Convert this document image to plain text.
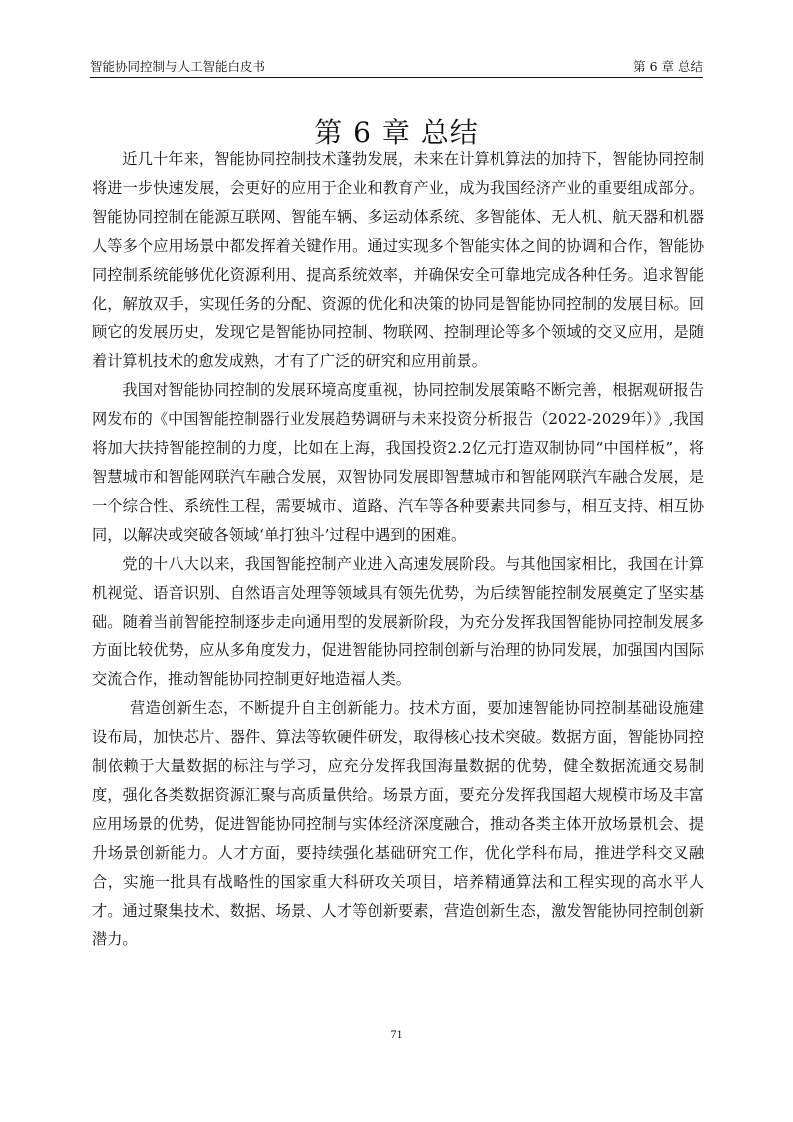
智能协同控制与人工智能白皮书	第 6 章 总结
第 6 章 总结

近几十年来，智能协同控制技术蓬勃发展，未来在计算机算法的加持下，智能协同控制将进一步快速发展，会更好的应用于企业和教育产业，成为我国经济产业的重要组成部分。智能协同控制在能源互联网、智能车辆、多运动体系统、多智能体、无人机、航天器和机器人等多个应用场景中都发挥着关键作用。通过实现多个智能实体之间的协调和合作，智能协同控制系统能够优化资源利用、提高系统效率，并确保安全可靠地完成各种任务。追求智能化，解放双手，实现任务的分配、资源的优化和决策的协同是智能协同控制的发展目标。回顾它的发展历史，发现它是智能协同控制、物联网、控制理论等多个领域的交叉应用，是随着计算机技术的愈发成熟，才有了广泛的研究和应用前景。

我国对智能协同控制的发展环境高度重视，协同控制发展策略不断完善，根据观研报告网发布的《中国智能控制器行业发展趋势调研与未来投资分析报告（2022-2029年）》,我国将加大扶持智能控制的力度，比如在上海，我国投资2.2亿元打造双制协同“中国样板”，将智慧城市和智能网联汽车融合发展，双智协同发展即智慧城市和智能网联汽车融合发展，是一个综合性、系统性工程，需要城市、道路、汽车等各种要素共同参与，相互支持、相互协同，以解决或突破各领域‘单打独斗’过程中遇到的困难。

党的十八大以来，我国智能控制产业进入高速发展阶段。与其他国家相比，我国在计算机视觉、语音识别、自然语言处理等领域具有领先优势，为后续智能控制发展奠定了坚实基础。随着当前智能控制逐步走向通用型的发展新阶段，为充分发挥我国智能协同控制发展多方面比较优势，应从多角度发力，促进智能协同控制创新与治理的协同发展，加强国内国际交流合作，推动智能协同控制更好地造福人类。

营造创新生态，不断提升自主创新能力。技术方面，要加速智能协同控制基础设施建设布局，加快芯片、器件、算法等软硬件研发，取得核心技术突破。数据方面，智能协同控制依赖于大量数据的标注与学习，应充分发挥我国海量数据的优势，健全数据流通交易制度，强化各类数据资源汇聚与高质量供给。场景方面，要充分发挥我国超大规模市场及丰富应用场景的优势，促进智能协同控制与实体经济深度融合，推动各类主体开放场景机会、提升场景创新能力。人才方面，要持续强化基础研究工作，优化学科布局，推进学科交叉融合，实施一批具有战略性的国家重大科研攻关项目，培养精通算法和工程实现的高水平人才。通过聚集技术、数据、场景、人才等创新要素，营造创新生态，激发智能协同控制创新潜力。

71
